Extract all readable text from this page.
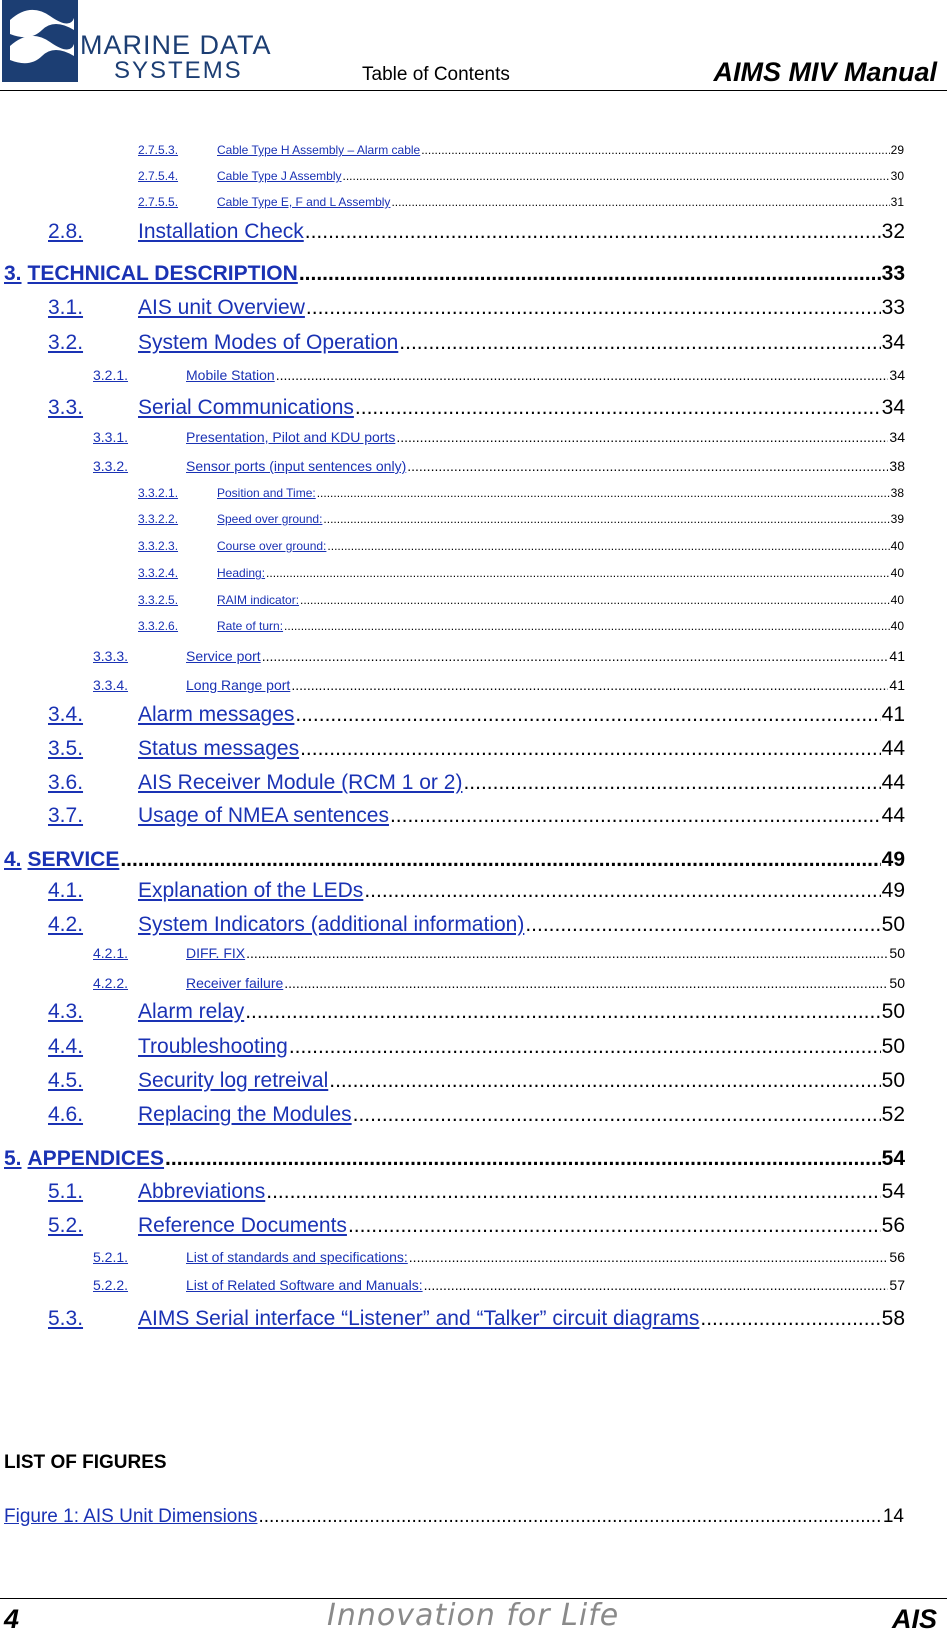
MARINE DATA
SYSTEMS	Table of Contents	AIMS MIV Manual
2.7.5.3.	Cable Type H Assembly – Alarm cable .....	29
2.7.5.4.	Cable Type J Assembly .....	30
2.7.5.5.	Cable Type E, F and L Assembly .....	31
2.8.	Installation Check .....	32
3. TECHNICAL DESCRIPTION .....	33
3.1.	AIS unit Overview .....	33
3.2.	System Modes of Operation .....	34
3.2.1.	Mobile Station .....	34
3.3.	Serial Communications .....	34
3.3.1.	Presentation, Pilot and KDU ports .....	34
3.3.2.	Sensor ports (input sentences only) .....	38
3.3.2.1.	Position and Time: .....	38
3.3.2.2.	Speed over ground: .....	39
3.3.2.3.	Course over ground: .....	40
3.3.2.4.	Heading: .....	40
3.3.2.5.	RAIM indicator: .....	40
3.3.2.6.	Rate of turn: .....	40
3.3.3.	Service port .....	41
3.3.4.	Long Range port .....	41
3.4.	Alarm messages .....	41
3.5.	Status messages .....	44
3.6.	AIS Receiver Module (RCM 1 or 2) .....	44
3.7.	Usage of NMEA sentences .....	44
4. SERVICE .....	49
4.1.	Explanation of the LEDs .....	49
4.2.	System Indicators (additional information) .....	50
4.2.1.	DIFF. FIX .....	50
4.2.2.	Receiver failure .....	50
4.3.	Alarm relay .....	50
4.4.	Troubleshooting .....	50
4.5.	Security log retreival .....	50
4.6.	Replacing the Modules .....	52
5. APPENDICES .....	54
5.1.	Abbreviations .....	54
5.2.	Reference Documents .....	56
5.2.1.	List of standards and specifications: .....	56
5.2.2.	List of Related Software and Manuals: .....	57
5.3.	AIMS Serial interface “Listener” and “Talker” circuit diagrams .....	58
LIST OF FIGURES
Figure 1: AIS Unit Dimensions .....	14
4	Innovation for Life	AIS
